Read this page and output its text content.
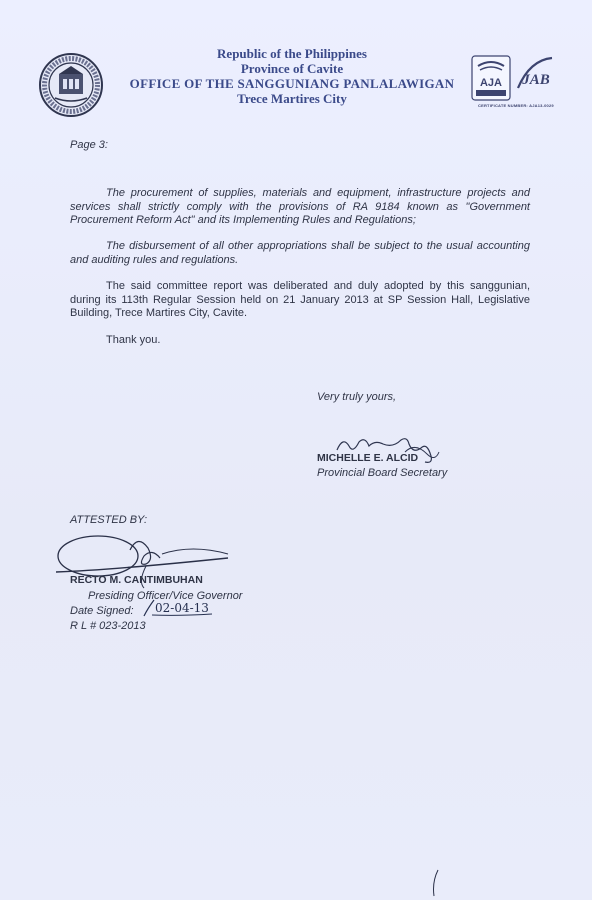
Republic of the Philippines
Province of Cavite
OFFICE OF THE SANGGUNIANG PANLALAWIGAN
Trece Martires City
AJA JAB
CERTIFICATE NUMBER: AJA13-0029
Page 3:
The procurement of supplies, materials and equipment, infrastructure projects and services shall strictly comply with the provisions of RA 9184 known as "Government Procurement Reform Act" and its Implementing Rules and Regulations;
The disbursement of all other appropriations shall be subject to the usual accounting and auditing rules and regulations.
The said committee report was deliberated and duly adopted by this sanggunian, during its 113th Regular Session held on 21 January 2013 at SP Session Hall, Legislative Building, Trece Martires City, Cavite.
Thank you.
Very truly yours,
MICHELLE E. ALCID
Provincial Board Secretary
ATTESTED BY:
RECTO M. CANTIMBUHAN
Presiding Officer/Vice Governor
Date Signed: 02-04-13
R L # 023-2013
